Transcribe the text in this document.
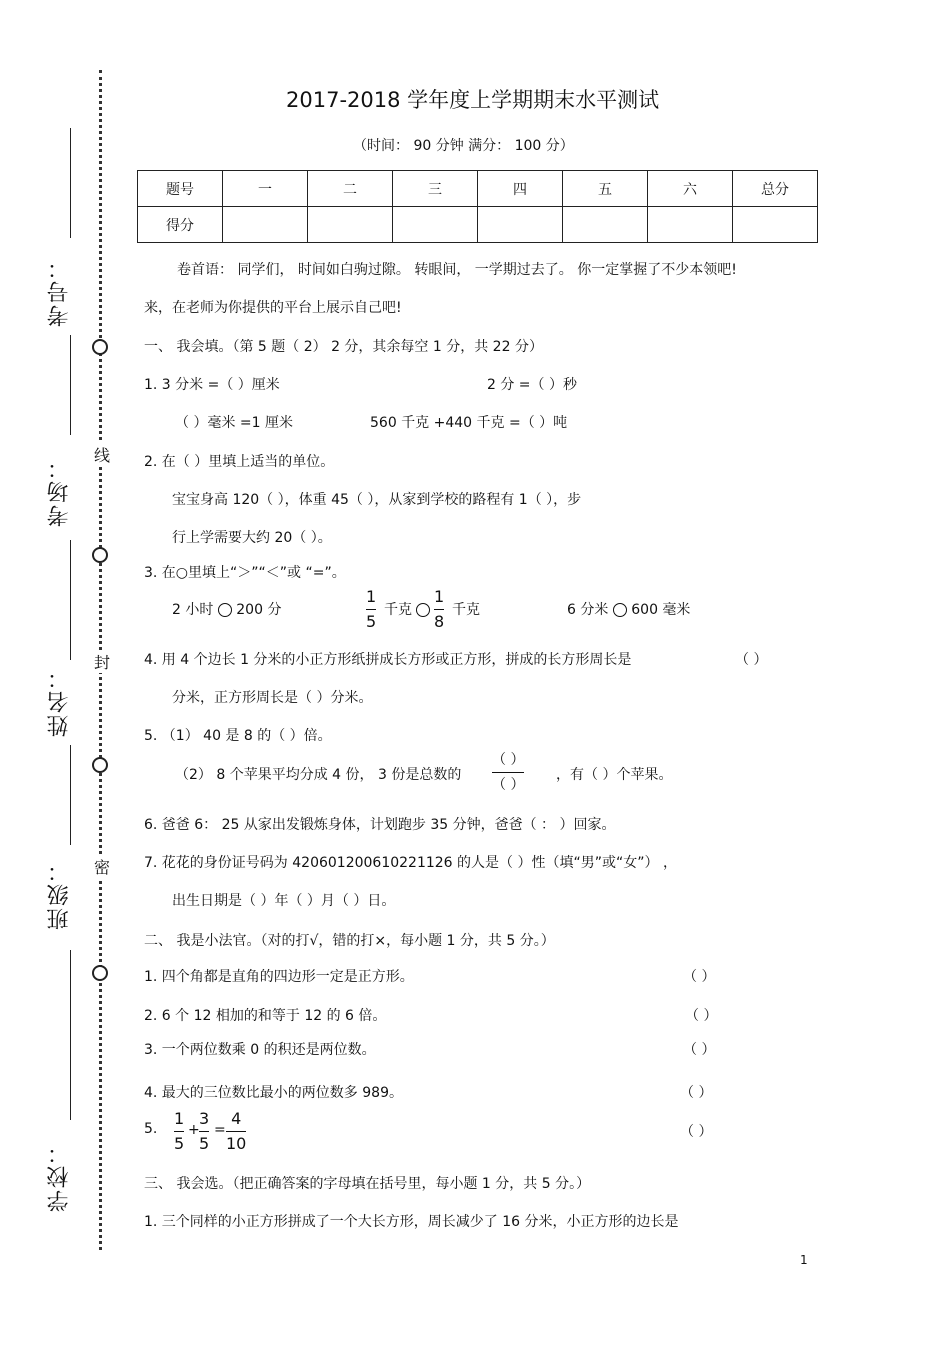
考号：
考场：
姓名：
班级：
学校：
线
封
密
2017-2018 学年度上学期期末水平测试
（时间： 90 分钟 满分： 100 分）
题号	一	二	三	四	五	六	总分
得分							
卷首语： 同学们， 时间如白驹过隙。 转眼间， 一学期过去了。 你一定掌握了不少本领吧!
来，在老师为你提供的平台上展示自己吧!
一、 我会填。（第 5 题（ 2） 2 分，其余每空 1 分，共 22 分）
1. 3 分米 =（ ）厘米	2 分 =（ ）秒
（ ）毫米 =1 厘米	560 千克 +440 千克 =（ ）吨
2. 在（ ）里填上适当的单位。
宝宝身高 120（ ），体重 45（ ），从家到学校的路程有 1（ ），步
行上学需要大约 20（ ）。
3. 在○里填上“＞”“＜”或 “=”。
2 小时 200 分
1
5
千克
1
8
千克	6 分米 600 毫米
4. 用 4 个边长 1 分米的小正方形纸拼成长方形或正方形，拼成的长方形周长是	（ ）
分米，正方形周长是（ ）分米。
5. （1） 40 是 8 的（ ）倍。
（2） 8 个苹果平均分成 4 份， 3 份是总数的
（ ）
（ ）
，有（ ）个苹果。
6. 爸爸 6： 25 从家出发锻炼身体，计划跑步 35 分钟，爸爸（ ： ）回家。
7. 花花的身份证号码为 420601200610221126 的人是（ ）性（填“男”或“女”） ，
出生日期是（ ）年（ ）月（ ）日。
二、 我是小法官。（对的打√，错的打×，每小题 1 分，共 5 分。）
1. 四个角都是直角的四边形一定是正方形。	（ ）
2. 6 个 12 相加的和等于 12 的 6 倍。	（ ）
3. 一个两位数乘 0 的积还是两位数。	（ ）
4. 最大的三位数比最小的两位数多 989。	（ ）
5.
1
5
+
3
5
=
4
10
（ ）
三、 我会选。（把正确答案的字母填在括号里，每小题 1 分，共 5 分。）
1. 三个同样的小正方形拼成了一个大长方形，周长减少了 16 分米，小正方形的边长是
1
